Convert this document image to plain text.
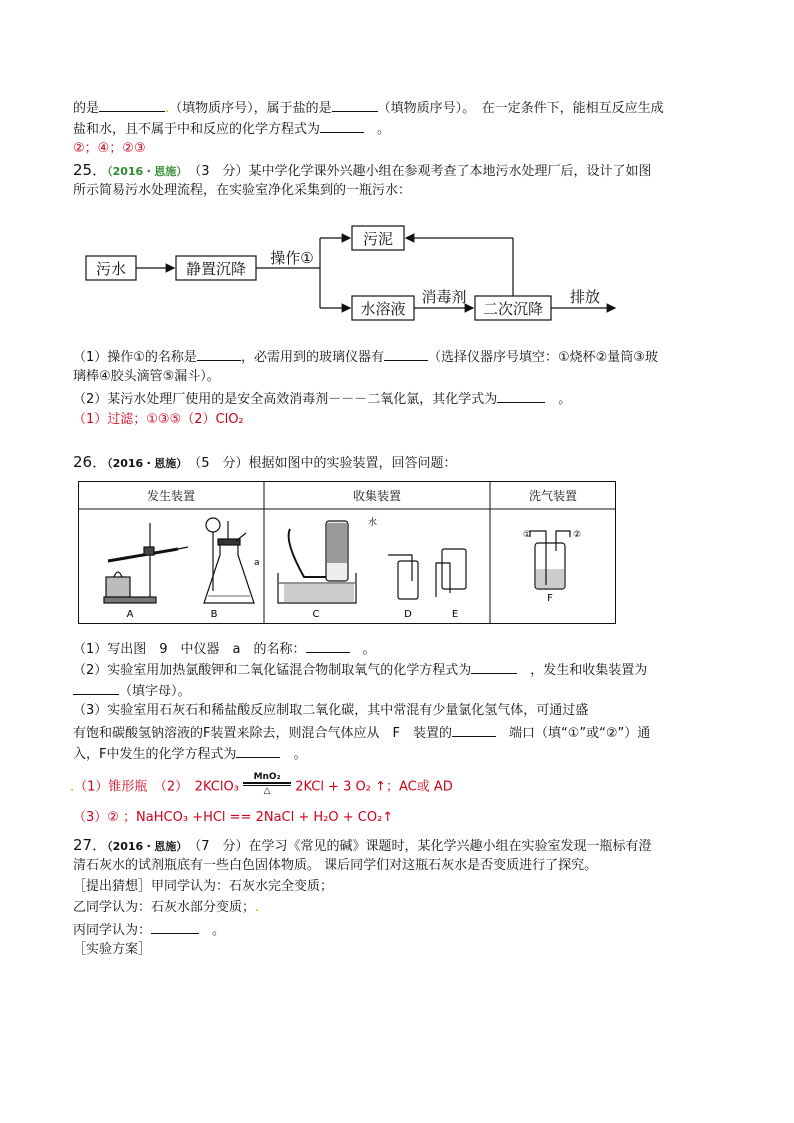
的是	.（填物质序号），属于盐的是	（填物质序号）。　在一定条件下，能相互反应生成
盐和水，且不属于中和反应的化学方程式为　	。
②；④；②③
25．（2016・恩施）　 （3　分）某中学化学课外兴趣小组在参观考查了本地污水处理厂后，设计了如图
所示简易污水处理流程，在实验室净化采集到的一瓶污水：
污水	静置沉降
操作①
污泥
水溶液
消毒剂
二次沉降
排放
（1）操作①的名称是	，必需用到的玻璃仪器有	（选择仪器序号填空：①烧杯②量筒③玻
璃棒④胶头滴管⑤漏斗）。
（2）某污水处理厂使用的是安全高效消毒剂－－－二氧化氯，其化学式为　	。
（1）过滤；①③⑤（2）ClO₂
26．（2016・恩施）　 （5　分）根据如图中的实验装置，回答问题：
发生装置	收集装置	洗气装置
A
a
B
水
C	D	E
①	②
F
（1）写出图　9　中仪器　a　的名称：　	。
（2）实验室用加热氯酸钾和二氧化锰混合物制取氧气的化学方程式为　	，发生和收集装置为
（填字母）。
（3）实验室用石灰石和稀盐酸反应制取二氧化碳，其中常混有少量氯化氢气体，可通过盛
有饱和碳酸氢钠溶液的F装置来除去，则混合气体应从　F　装置的　	端口（填“①”或“②”）通
入，F中发生的化学方程式为　	。
.（1）锥形瓶　（2）　2KClO₃
MnO₂
△	2KCl + 3 O₂ ↑；AC或 AD
（3）② ；NaHCO₃ +HCl == 2NaCl + H₂O + CO₂↑
27．（2016・恩施）　 （7　分）在学习《常见的碱》课题时，某化学兴趣小组在实验室发现一瓶标有澄
清石灰水的试剂瓶底有一些白色固体物质。 课后同学们对这瓶石灰水是否变质进行了探究。
［提出猜想］甲同学认为：石灰水完全变质；
乙同学认为：石灰水部分变质；.
丙同学认为：　	。
［实验方案］
